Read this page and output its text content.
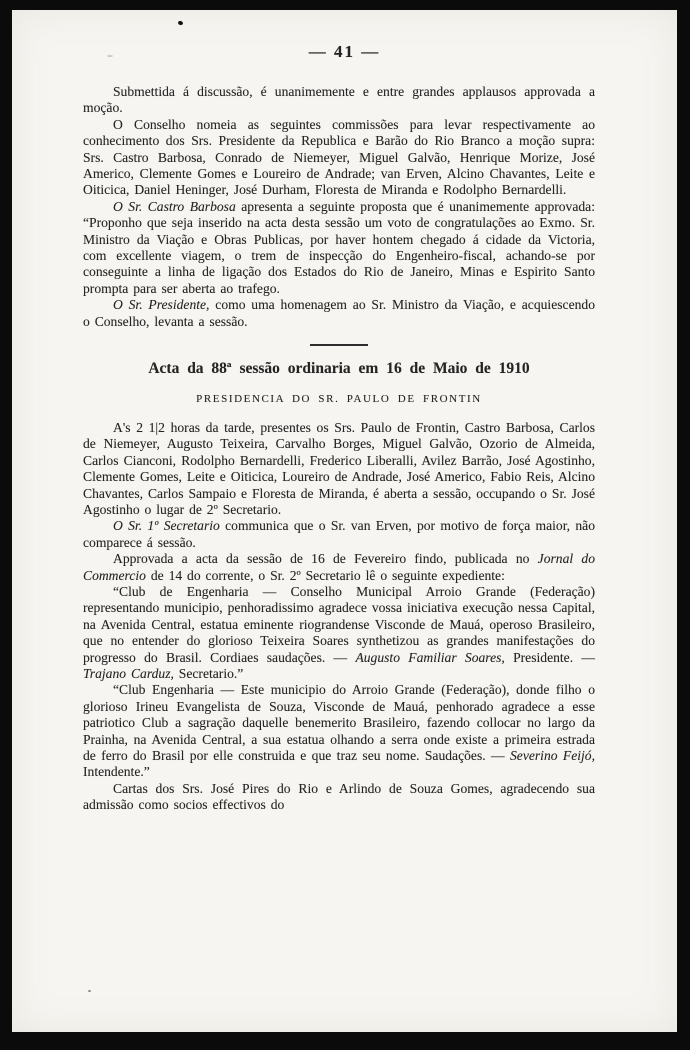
— 41 —

Submettida á discussão, é unanimemente e entre grandes applausos approvada a moção.

O Conselho nomeia as seguintes commissões para levar respectivamente ao conhecimento dos Srs. Presidente da Republica e Barão do Rio Branco a moção supra: Srs. Castro Barbosa, Conrado de Niemeyer, Miguel Galvão, Henrique Morize, José Americo, Clemente Gomes e Loureiro de Andrade; van Erven, Alcino Chavantes, Leite e Oiticica, Daniel Heninger, José Durham, Floresta de Miranda e Rodolpho Bernardelli.

O Sr. Castro Barbosa apresenta a seguinte proposta que é unanimemente approvada: “Proponho que seja inserido na acta desta sessão um voto de congratulações ao Exmo. Sr. Ministro da Viação e Obras Publicas, por haver hontem chegado á cidade da Victoria, com excellente viagem, o trem de inspecção do Engenheiro-fiscal, achando-se por conseguinte a linha de ligação dos Estados do Rio de Janeiro, Minas e Espirito Santo prompta para ser aberta ao trafego.

O Sr. Presidente, como uma homenagem ao Sr. Ministro da Viação, e acquiescendo o Conselho, levanta a sessão.

Acta da 88ª sessão ordinaria em 16 de Maio de 1910
PRESIDENCIA DO SR. PAULO DE FRONTIN

A's 2 1|2 horas da tarde, presentes os Srs. Paulo de Frontin, Castro Barbosa, Carlos de Niemeyer, Augusto Teixeira, Carvalho Borges, Miguel Galvão, Ozorio de Almeida, Carlos Cianconi, Rodolpho Bernardelli, Frederico Liberalli, Avilez Barrão, José Agostinho, Clemente Gomes, Leite e Oiticica, Loureiro de Andrade, José Americo, Fabio Reis, Alcino Chavantes, Carlos Sampaio e Floresta de Miranda, é aberta a sessão, occupando o Sr. José Agostinho o lugar de 2º Secretario.

O Sr. 1º Secretario communica que o Sr. van Erven, por motivo de força maior, não comparece á sessão.

Approvada a acta da sessão de 16 de Fevereiro findo, publicada no Jornal do Commercio de 14 do corrente, o Sr. 2º Secretario lê o seguinte expediente:

“Club de Engenharia — Conselho Municipal Arroio Grande (Federação) representando municipio, penhoradissimo agradece vossa iniciativa execução nessa Capital, na Avenida Central, estatua eminente riograndense Visconde de Mauá, operoso Brasileiro, que no entender do glorioso Teixeira Soares synthetizou as grandes manifestações do progresso do Brasil. Cordiaes saudações. — Augusto Familiar Soares, Presidente. — Trajano Carduz, Secretario.”

“Club Engenharia — Este municipio do Arroio Grande (Federação), donde filho o glorioso Irineu Evangelista de Souza, Visconde de Mauá, penhorado agradece a esse patriotico Club a sagração daquelle benemerito Brasileiro, fazendo collocar no largo da Prainha, na Avenida Central, a sua estatua olhando a serra onde existe a primeira estrada de ferro do Brasil por elle construida e que traz seu nome. Saudações. — Severino Feijó, Intendente.”

Cartas dos Srs. José Pires do Rio e Arlindo de Souza Gomes, agradecendo sua admissão como socios effectivos do
